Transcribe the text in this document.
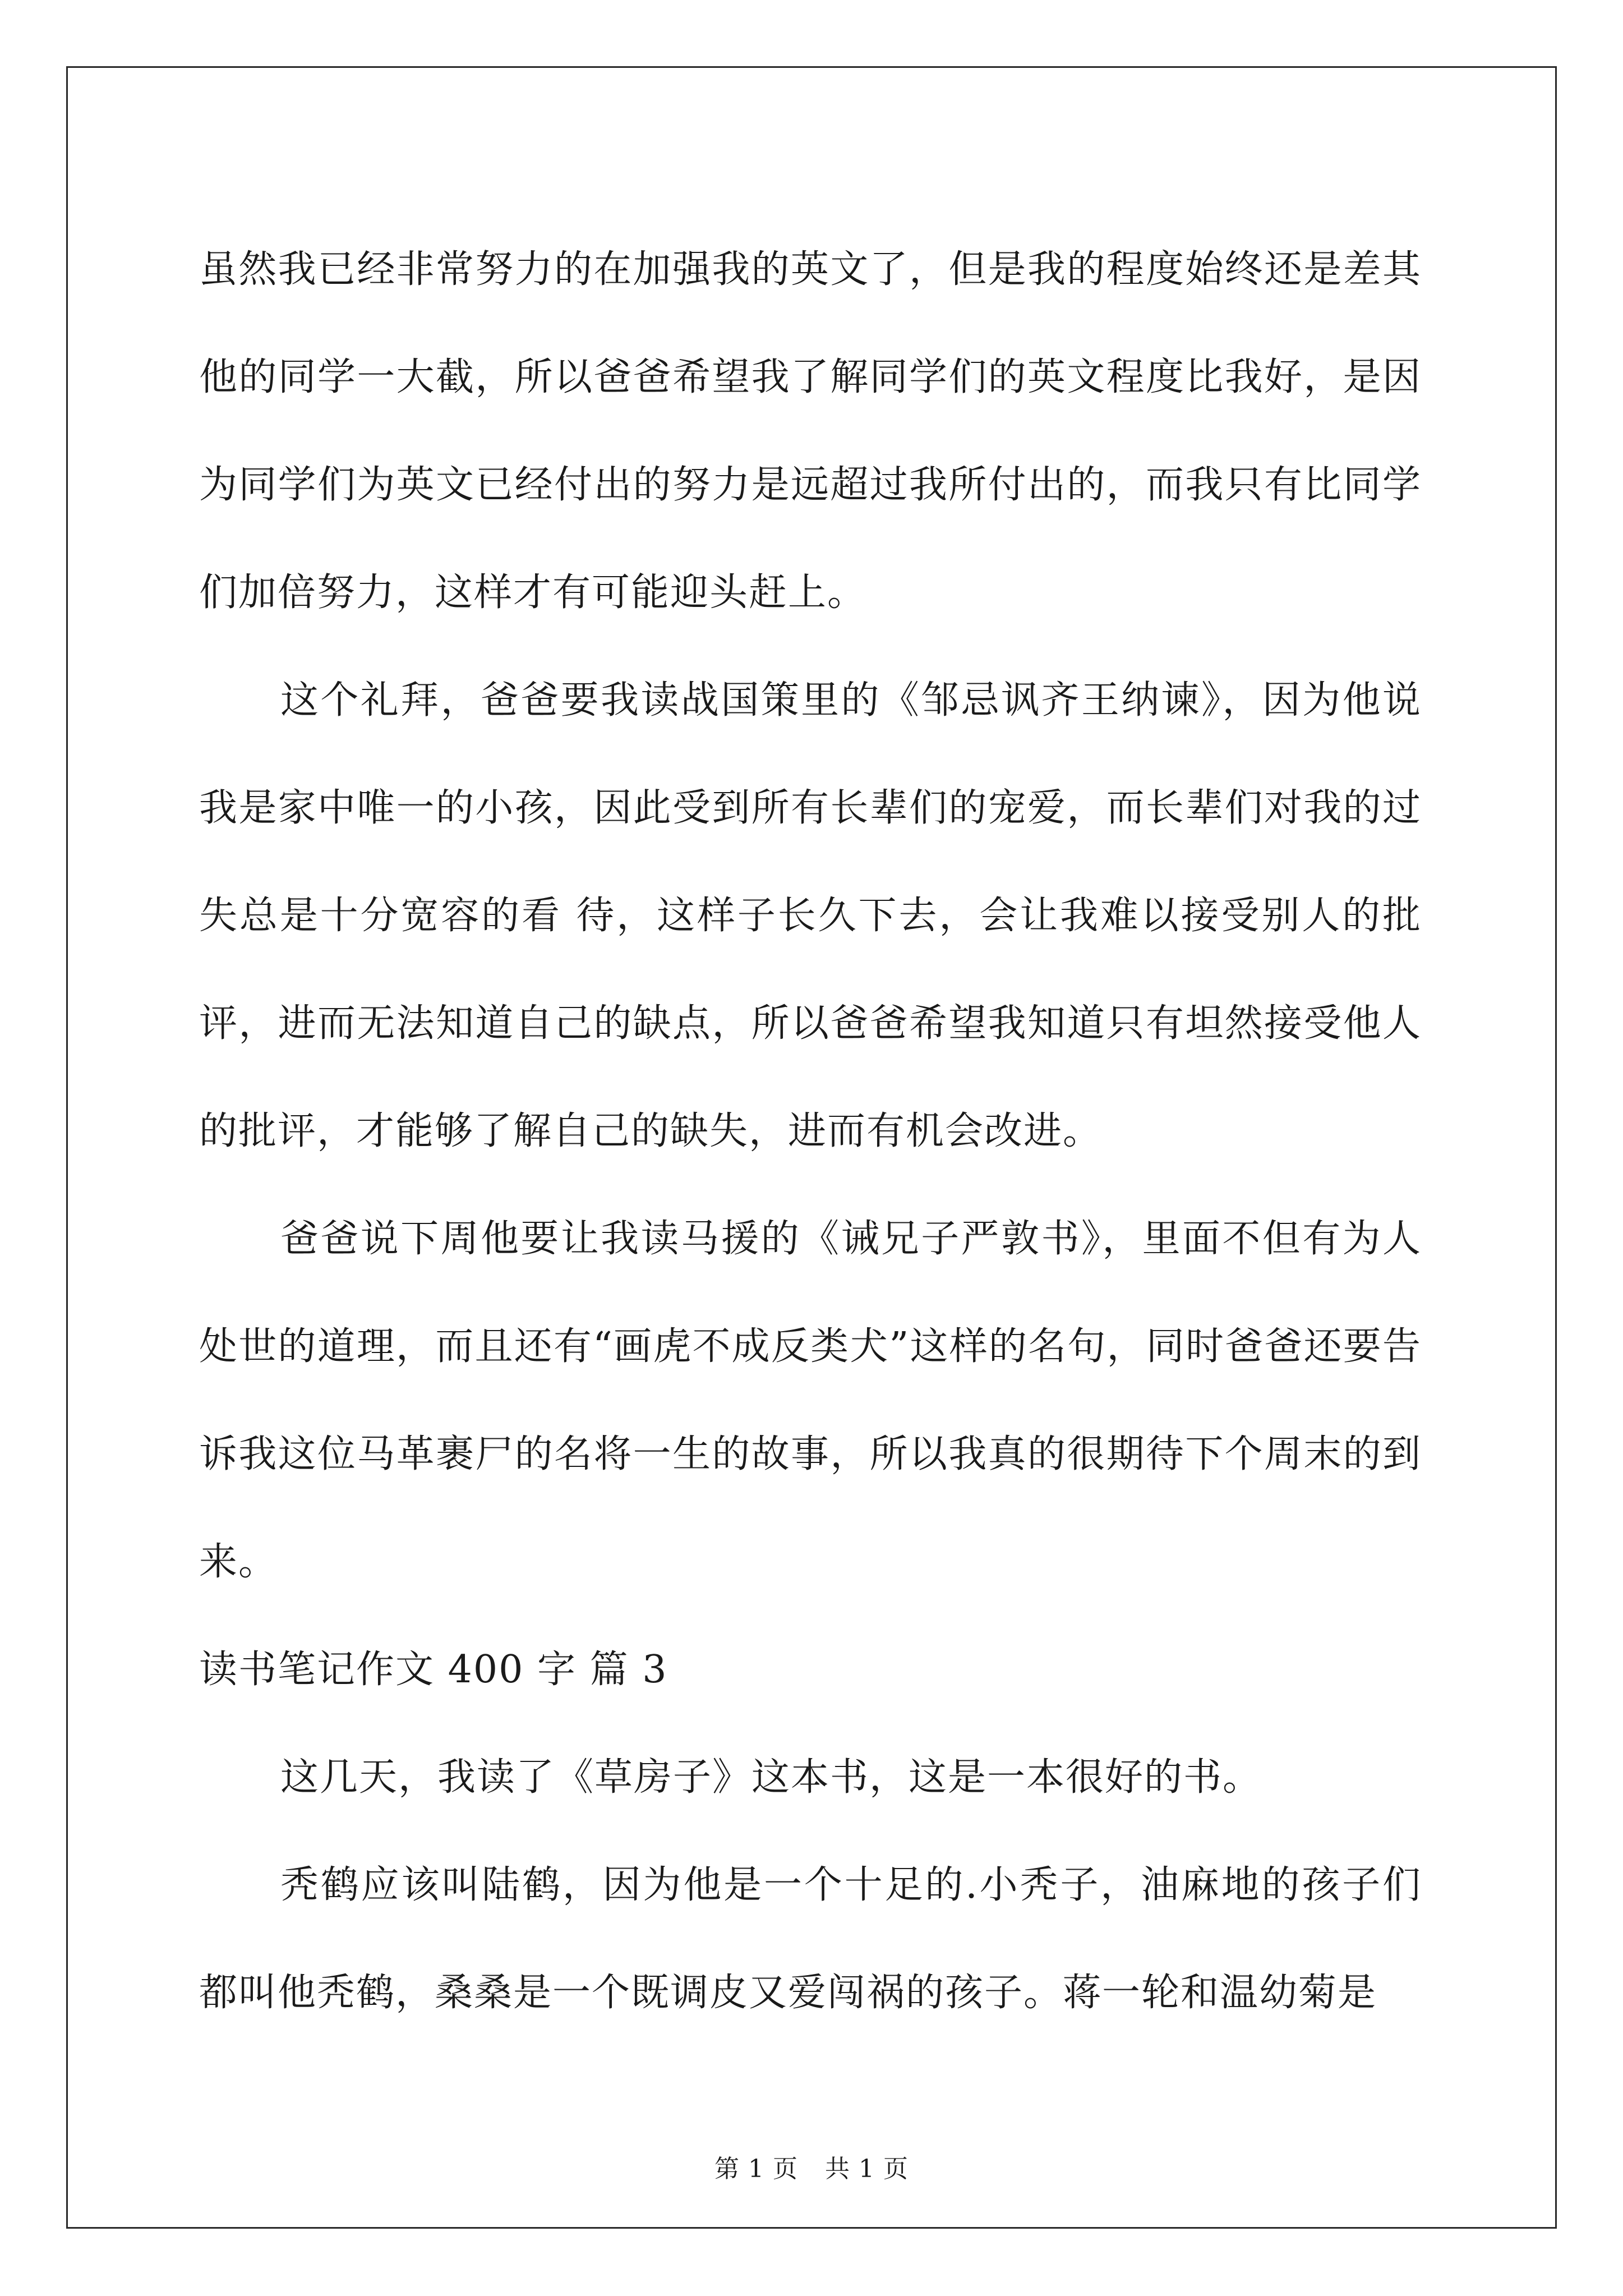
虽然我已经非常努力的在加强我的英文了，但是我的程度始终还是差其他的同学一大截，所以爸爸希望我了解同学们的英文程度比我好，是因为同学们为英文已经付出的努力是远超过我所付出的，而我只有比同学们加倍努力，这样才有可能迎头赶上。

这个礼拜，爸爸要我读战国策里的《邹忌讽齐王纳谏》，因为他说我是家中唯一的小孩，因此受到所有长辈们的宠爱，而长辈们对我的过失总是十分宽容的看 待，这样子长久下去，会让我难以接受别人的批评，进而无法知道自己的缺点，所以爸爸希望我知道只有坦然接受他人的批评，才能够了解自己的缺失，进而有机会改进。

爸爸说下周他要让我读马援的《诫兄子严敦书》，里面不但有为人处世的道理，而且还有“画虎不成反类犬”这样的名句，同时爸爸还要告诉我这位马革裹尸的名将一生的故事，所以我真的很期待下个周末的到来。

读书笔记作文 400 字 篇 3

这几天，我读了《草房子》这本书，这是一本很好的书。

秃鹤应该叫陆鹤，因为他是一个十足的.小秃子，油麻地的孩子们都叫他秃鹤，桑桑是一个既调皮又爱闯祸的孩子。蒋一轮和温幼菊是

第 1 页 共 1 页
